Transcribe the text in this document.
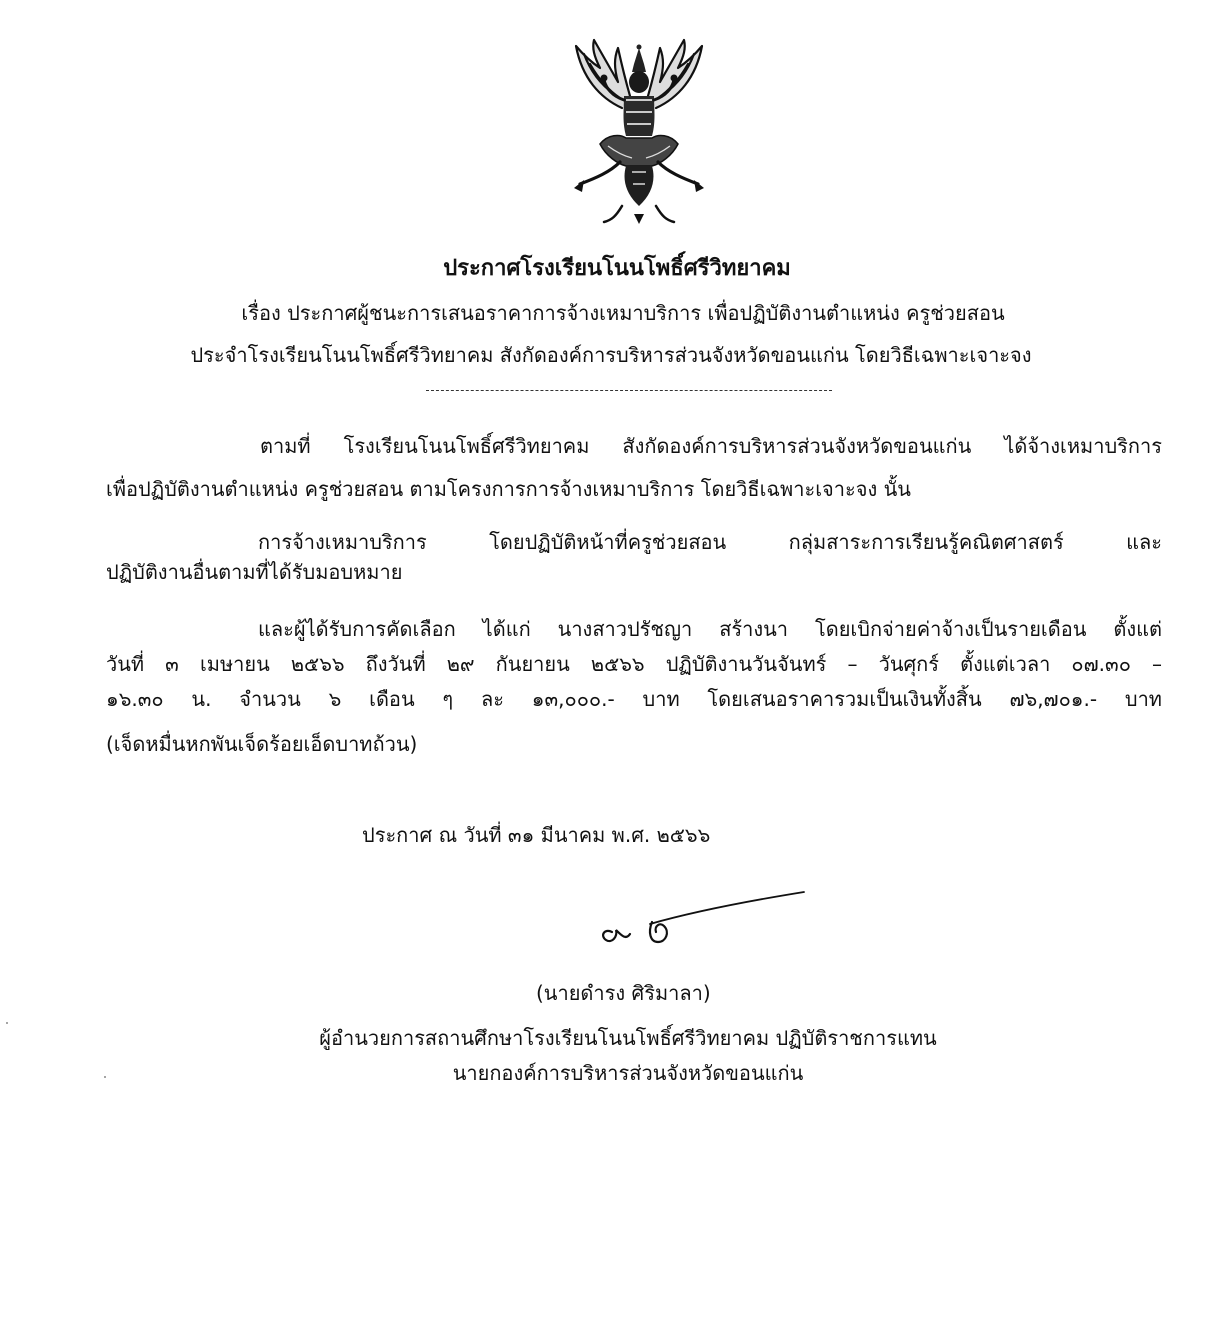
ประกาศโรงเรียนโนนโพธิ์ศรีวิทยาคม
เรื่อง ประกาศผู้ชนะการเสนอราคาการจ้างเหมาบริการ เพื่อปฏิบัติงานตำแหน่ง ครูช่วยสอน
ประจำโรงเรียนโนนโพธิ์ศรีวิทยาคม สังกัดองค์การบริหารส่วนจังหวัดขอนแก่น โดยวิธีเฉพาะเจาะจง
ตามที่ โรงเรียนโนนโพธิ์ศรีวิทยาคม สังกัดองค์การบริหารส่วนจังหวัดขอนแก่น ได้จ้างเหมาบริการ
เพื่อปฏิบัติงานตำแหน่ง ครูช่วยสอน ตามโครงการการจ้างเหมาบริการ โดยวิธีเฉพาะเจาะจง นั้น
การจ้างเหมาบริการ โดยปฏิบัติหน้าที่ครูช่วยสอน กลุ่มสาระการเรียนรู้คณิตศาสตร์ และ
ปฏิบัติงานอื่นตามที่ได้รับมอบหมาย
และผู้ได้รับการคัดเลือก ได้แก่ นางสาวปรัชญา สร้างนา โดยเบิกจ่ายค่าจ้างเป็นรายเดือน ตั้งแต่
วันที่ ๓ เมษายน ๒๕๖๖ ถึงวันที่ ๒๙ กันยายน ๒๕๖๖ ปฏิบัติงานวันจันทร์ – วันศุกร์ ตั้งแต่เวลา ๐๗.๓๐ –
๑๖.๓๐ น. จำนวน ๖ เดือน ๆ ละ ๑๓,๐๐๐.- บาท โดยเสนอราคารวมเป็นเงินทั้งสิ้น ๗๖,๗๐๑.- บาท
(เจ็ดหมื่นหกพันเจ็ดร้อยเอ็ดบาทถ้วน)
ประกาศ ณ วันที่ ๓๑ มีนาคม พ.ศ. ๒๕๖๖
(นายดำรง ศิริมาลา)
ผู้อำนวยการสถานศึกษาโรงเรียนโนนโพธิ์ศรีวิทยาคม ปฏิบัติราชการแทน
นายกองค์การบริหารส่วนจังหวัดขอนแก่น
